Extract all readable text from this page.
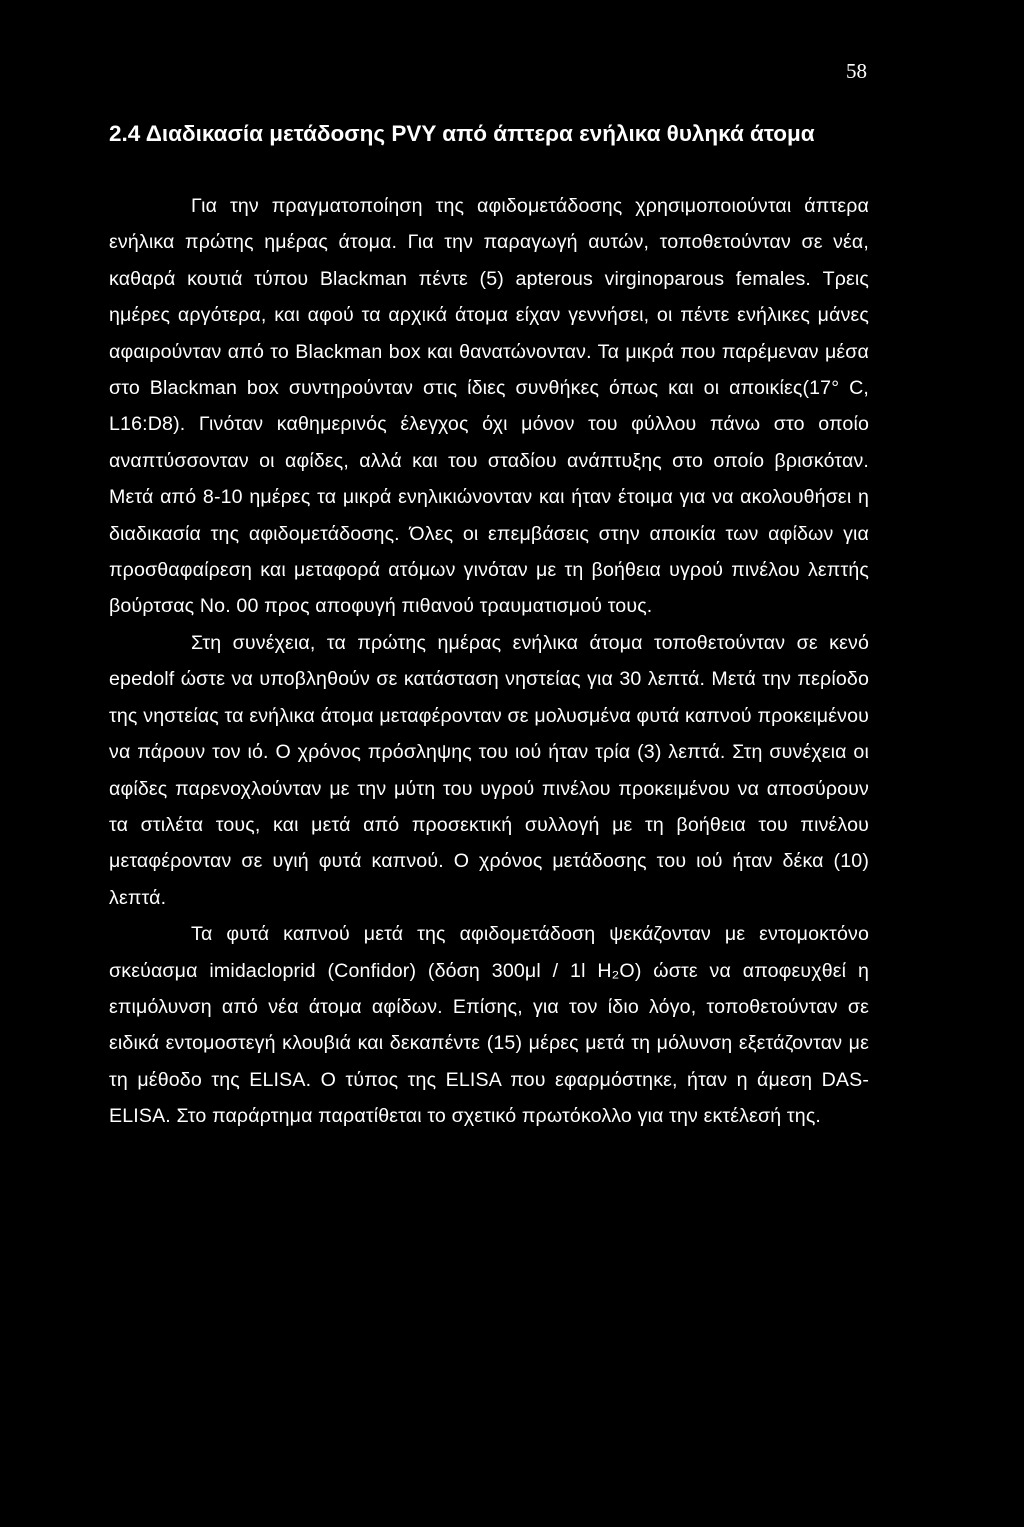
58
2.4 Διαδικασία μετάδοσης PVY από άπτερα ενήλικα θυληκά άτομα

Για την πραγματοποίηση της αφιδομετάδοσης χρησιμοποιούνται άπτερα ενήλικα πρώτης ημέρας άτομα. Για την παραγωγή αυτών, τοποθετούνταν σε νέα, καθαρά κουτιά τύπου Blackman πέντε (5) apterous virginoparous females. Τρεις ημέρες αργότερα, και αφού τα αρχικά άτομα είχαν γεννήσει, οι πέντε ενήλικες μάνες αφαιρούνταν από το Blackman box και θανατώνονταν. Τα μικρά που παρέμεναν μέσα στο Blackman box συντηρούνταν στις ίδιες συνθήκες όπως και οι αποικίες(17° C, L16:D8). Γινόταν καθημερινός έλεγχος όχι μόνον του φύλλου πάνω στο οποίο αναπτύσσονταν οι αφίδες, αλλά και του σταδίου ανάπτυξης στο οποίο βρισκόταν. Μετά από 8-10 ημέρες τα μικρά ενηλικιώνονταν και ήταν έτοιμα για να ακολουθήσει η διαδικασία της αφιδομετάδοσης. Όλες οι επεμβάσεις στην αποικία των αφίδων για προσθαφαίρεση και μεταφορά ατόμων γινόταν με τη βοήθεια υγρού πινέλου λεπτής βούρτσας Νο. 00 προς αποφυγή πιθανού τραυματισμού τους.

Στη συνέχεια, τα πρώτης ημέρας ενήλικα άτομα τοποθετούνταν σε κενό epedolf ώστε να υποβληθούν σε κατάσταση νηστείας για 30 λεπτά. Μετά την περίοδο της νηστείας τα ενήλικα άτομα μεταφέρονταν σε μολυσμένα φυτά καπνού προκειμένου να πάρουν τον ιό. Ο χρόνος πρόσληψης του ιού ήταν τρία (3) λεπτά. Στη συνέχεια οι αφίδες παρενοχλούνταν με την μύτη του υγρού πινέλου προκειμένου να αποσύρουν τα στιλέτα τους, και μετά από προσεκτική συλλογή με τη βοήθεια του πινέλου μεταφέρονταν σε υγιή φυτά καπνού. Ο χρόνος μετάδοσης του ιού ήταν δέκα (10) λεπτά.

Τα φυτά καπνού μετά της αφιδομετάδοση ψεκάζονταν με εντομοκτόνο σκεύασμα imidacloprid (Confidor) (δόση 300μl / 1l H₂O) ώστε να αποφευχθεί η επιμόλυνση από νέα άτομα αφίδων. Επίσης, για τον ίδιο λόγο, τοποθετούνταν σε ειδικά εντομοστεγή κλουβιά και δεκαπέντε (15) μέρες μετά τη μόλυνση εξετάζονταν με τη μέθοδο της ELISA. Ο τύπος της ELISA που εφαρμόστηκε, ήταν η άμεση DAS-ELISA. Στο παράρτημα παρατίθεται το σχετικό πρωτόκολλο για την εκτέλεσή της.
